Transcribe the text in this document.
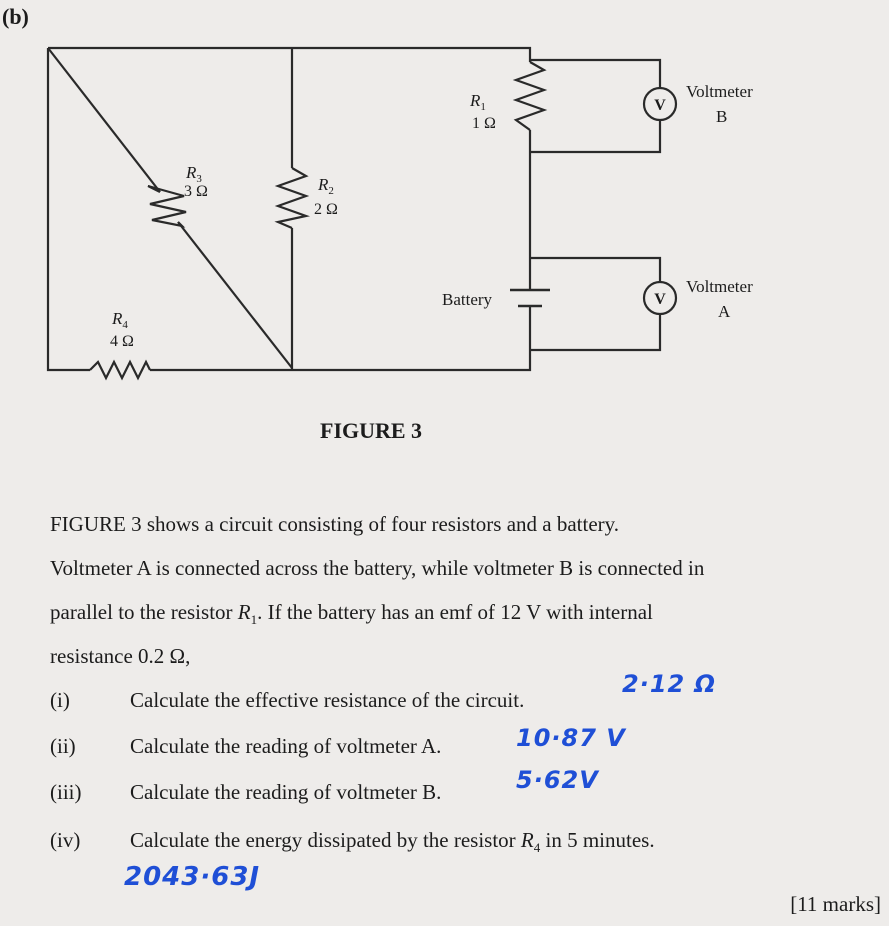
(b)
V
V
$R_1$
1 Ω
$R_2$
2 Ω
$R_3$
3 Ω
$R_4$
4 Ω
Battery
Voltmeter
B
Voltmeter
A
FIGURE 3
FIGURE 3 shows a circuit consisting of four resistors and a battery.
Voltmeter A is connected across the battery, while voltmeter B is connected in
parallel to the resistor $R_1$. If the battery has an emf of 12 V with internal
resistance 0.2 Ω,
(i)	Calculate the effective resistance of the circuit.
2·12 Ω
(ii)	Calculate the reading of voltmeter A.	10·87 V
(iii) Calculate the reading of voltmeter B.	5·62V
(iv) Calculate the energy dissipated by the resistor $R_4$ in 5 minutes.
2043·63J
[11 marks]
